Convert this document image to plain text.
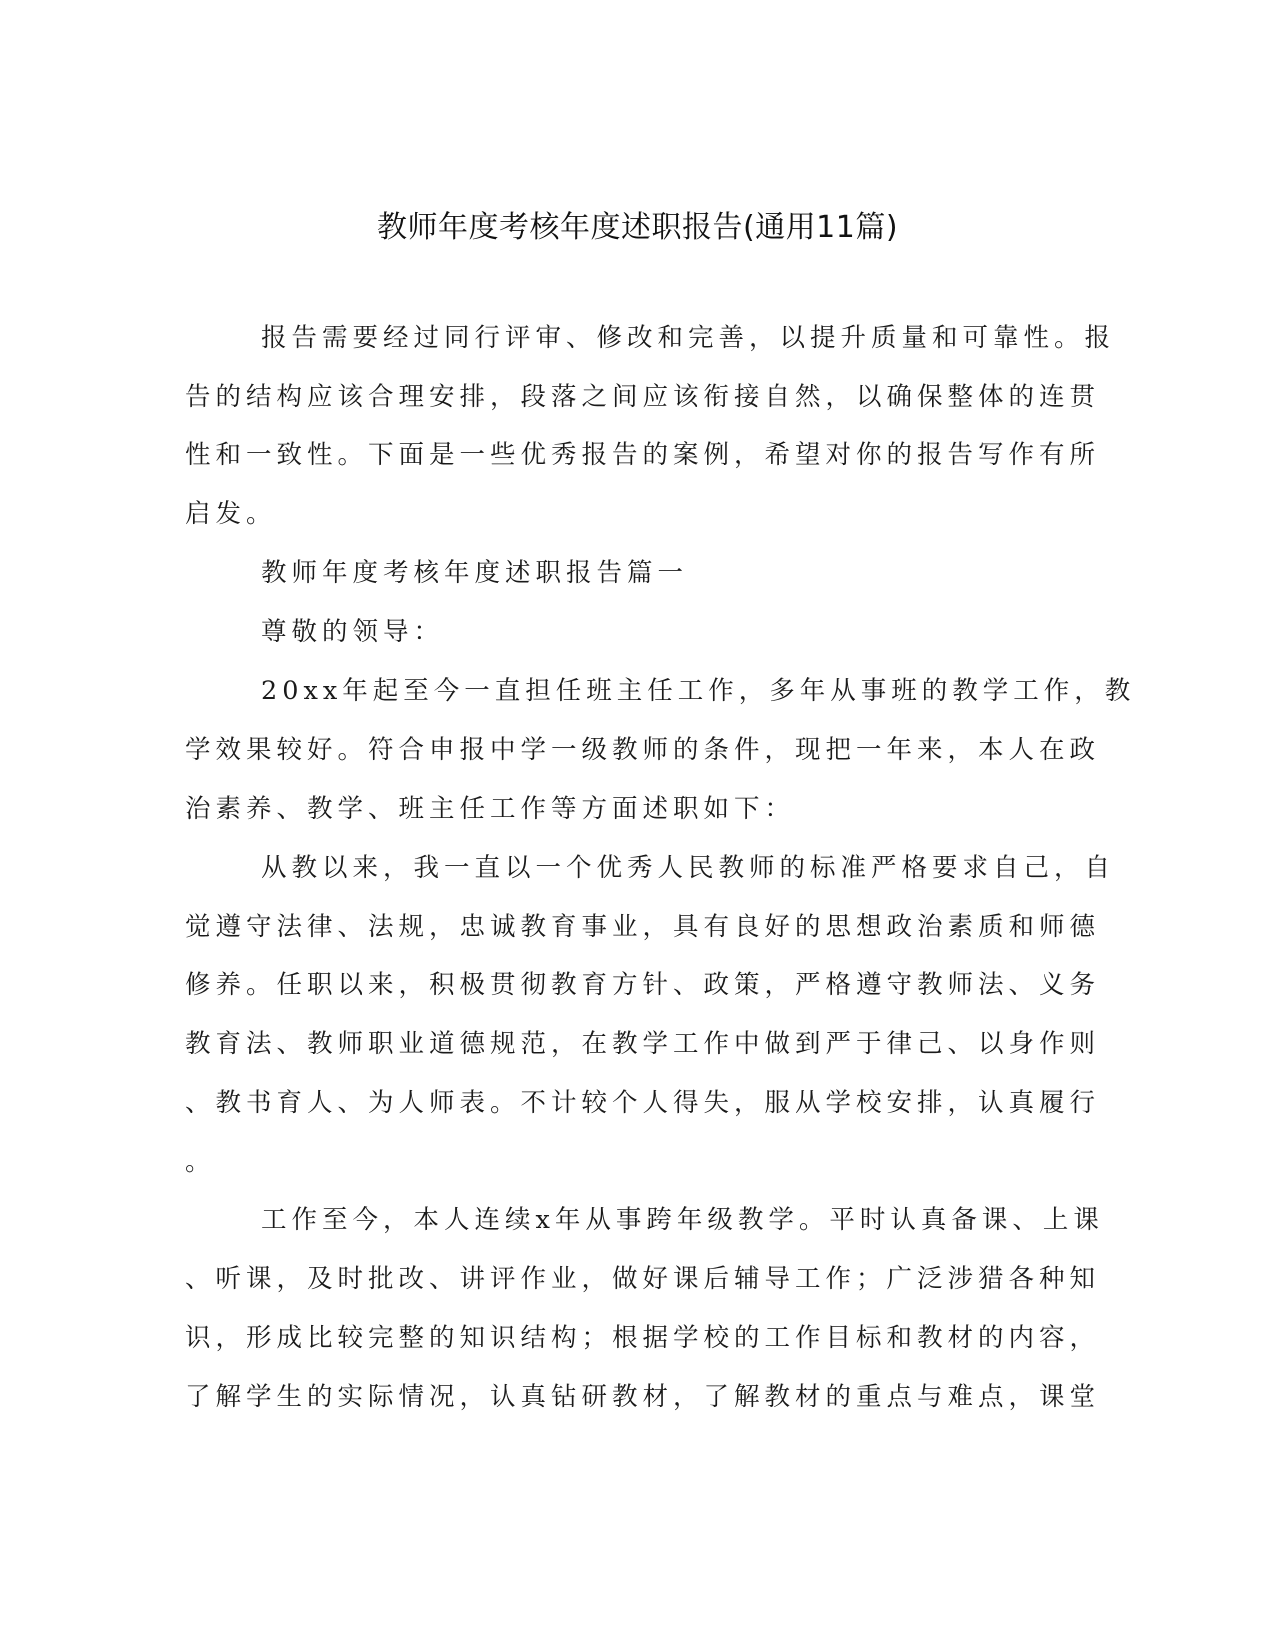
教师年度考核年度述职报告(通用11篇)
报告需要经过同行评审、修改和完善，以提升质量和可靠性。报
告的结构应该合理安排，段落之间应该衔接自然，以确保整体的连贯
性和一致性。下面是一些优秀报告的案例，希望对你的报告写作有所
启发。
教师年度考核年度述职报告篇一
尊敬的领导：
20xx年起至今一直担任班主任工作，多年从事班的教学工作，教
学效果较好。符合申报中学一级教师的条件，现把一年来，本人在政
治素养、教学、班主任工作等方面述职如下：
从教以来，我一直以一个优秀人民教师的标准严格要求自己，自
觉遵守法律、法规，忠诚教育事业，具有良好的思想政治素质和师德
修养。任职以来，积极贯彻教育方针、政策，严格遵守教师法、义务
教育法、教师职业道德规范，在教学工作中做到严于律己、以身作则
、教书育人、为人师表。不计较个人得失，服从学校安排，认真履行
。
工作至今，本人连续x年从事跨年级教学。平时认真备课、上课
、听课，及时批改、讲评作业，做好课后辅导工作；广泛涉猎各种知
识，形成比较完整的知识结构；根据学校的工作目标和教材的内容，
了解学生的实际情况，认真钻研教材，了解教材的重点与难点，课堂
